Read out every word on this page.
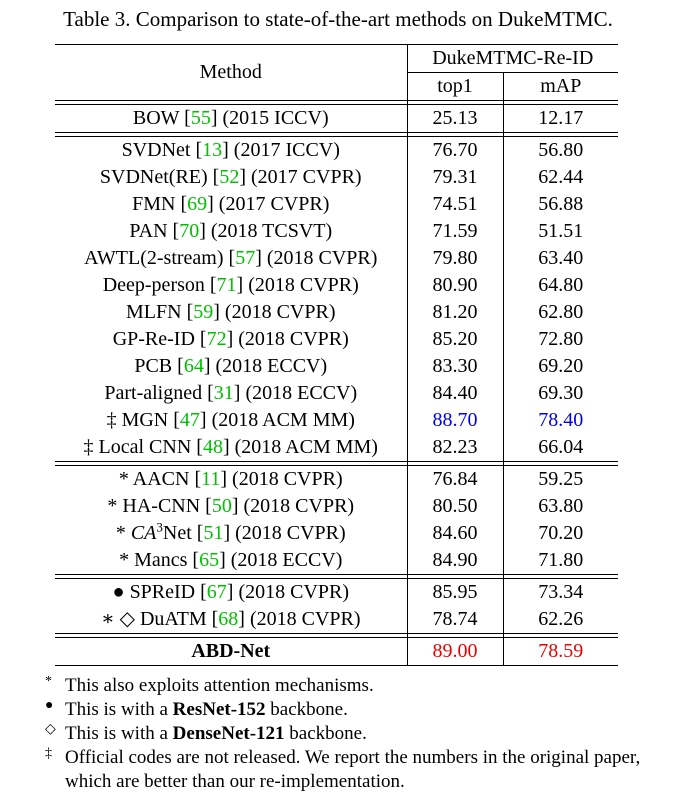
Table 3. Comparison to state-of-the-art methods on DukeMTMC.
Method	DukeMTMC-Re-ID	
	top1	mAP

BOW [55] (2015 ICCV)	25.13	12.17

SVDNet [13] (2017 ICCV)	76.70	56.80
SVDNet(RE) [52] (2017 CVPR)	79.31	62.44
FMN [69] (2017 CVPR)	74.51	56.88
PAN [70] (2018 TCSVT)	71.59	51.51
AWTL(2-stream) [57] (2018 CVPR)	79.80	63.40
Deep-person [71] (2018 CVPR)	80.90	64.80
MLFN [59] (2018 CVPR)	81.20	62.80
GP-Re-ID [72] (2018 CVPR)	85.20	72.80
PCB [64] (2018 ECCV)	83.30	69.20
Part-aligned [31] (2018 ECCV)	84.40	69.30
‡ MGN [47] (2018 ACM MM)	88.70	78.40
‡ Local CNN [48] (2018 ACM MM)	82.23	66.04

* AACN [11] (2018 CVPR)	76.84	59.25
* HA-CNN [50] (2018 CVPR)	80.50	63.80
* $CA^3Net$ [51] (2018 CVPR)	84.60	70.20
* Mancs [65] (2018 ECCV)	84.90	71.80

● SPReID [67] (2018 CVPR)	85.95	73.34
∗ ◇ DuATM [68] (2018 CVPR)	78.74	62.26

ABD-Net	89.00	78.59
* This also exploits attention mechanisms.
● This is with a ResNet-152 backbone.
◇ This is with a DenseNet-121 backbone.
‡ Official codes are not released. We report the numbers in the original paper, which are better than our re-implementation.
